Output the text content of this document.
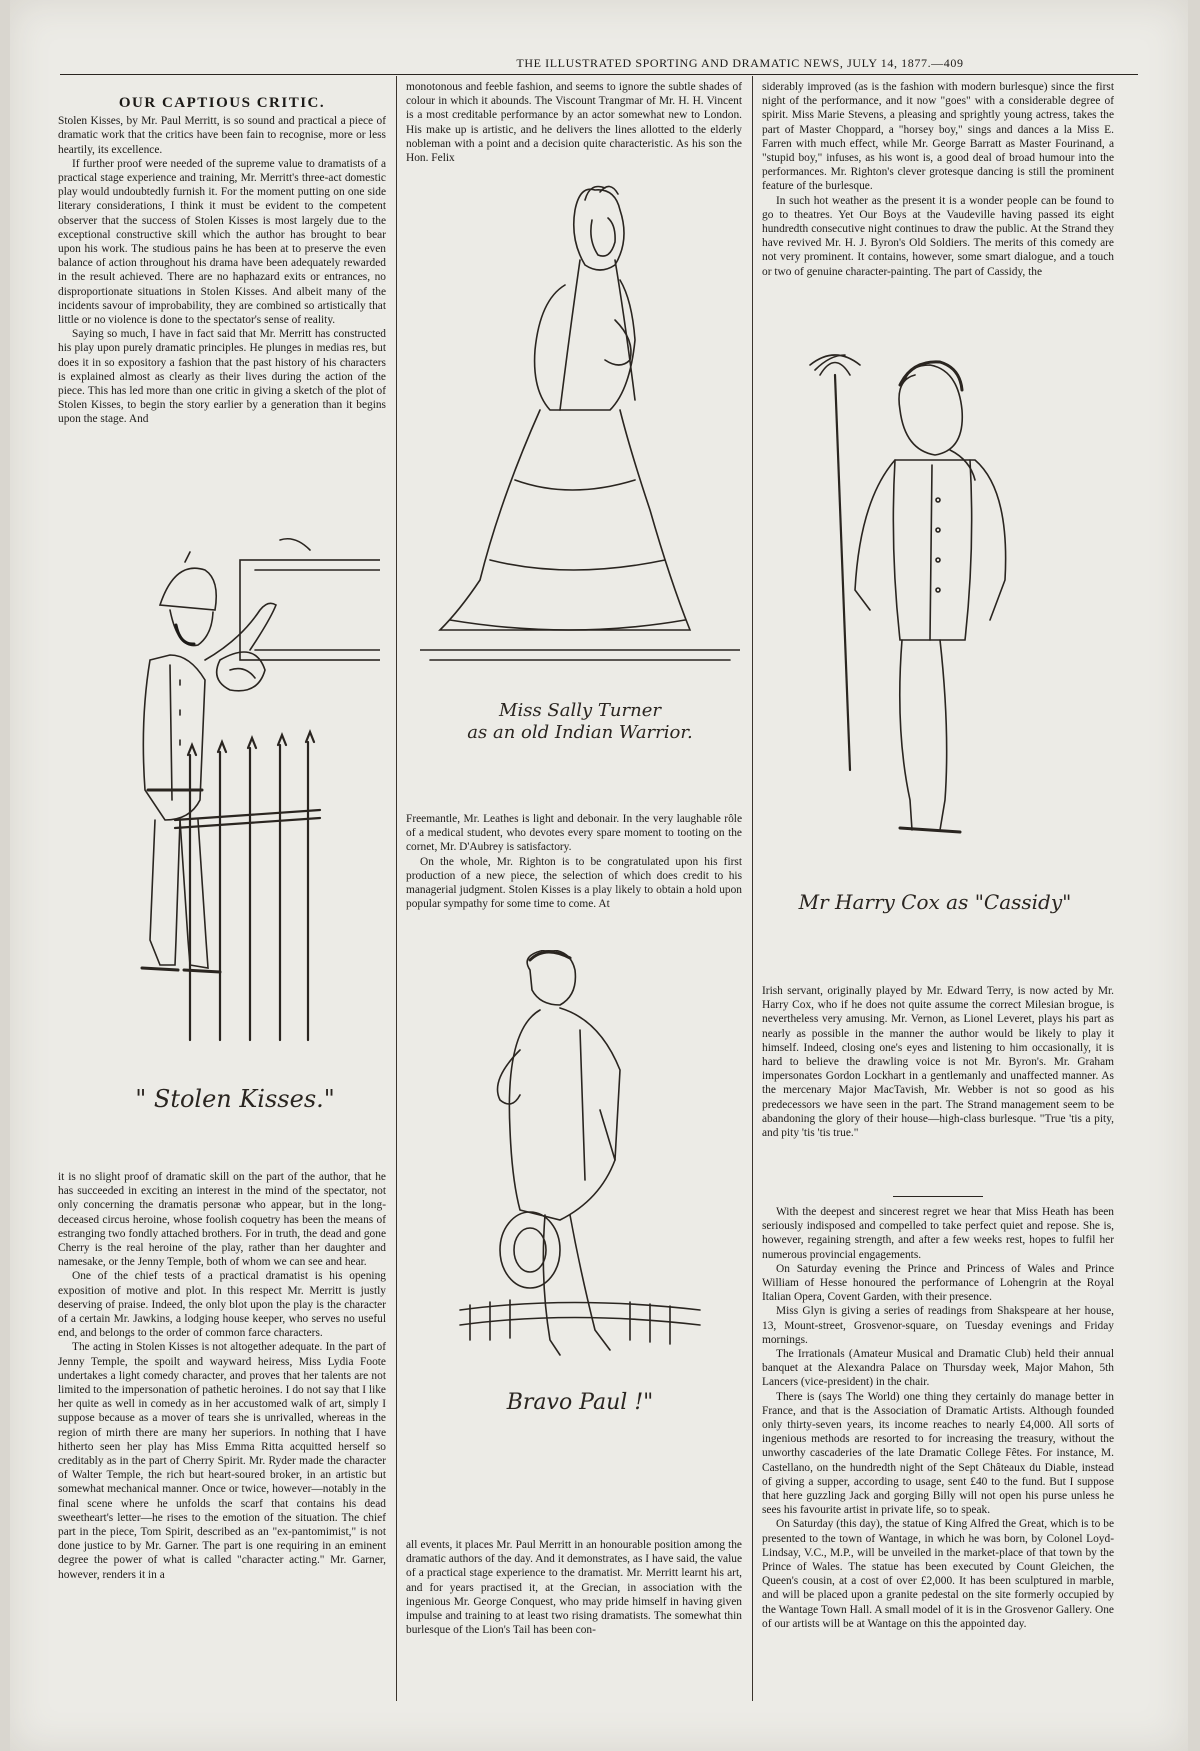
THE ILLUSTRATED SPORTING AND DRAMATIC NEWS, JULY 14, 1877.—409
OUR CAPTIOUS CRITIC.

Stolen Kisses, by Mr. Paul Merritt, is so sound and practical a piece of dramatic work that the critics have been fain to recognise, more or less heartily, its excellence.

If further proof were needed of the supreme value to dramatists of a practical stage experience and training, Mr. Merritt's three-act domestic play would undoubtedly furnish it. For the moment putting on one side literary considerations, I think it must be evident to the competent observer that the success of Stolen Kisses is most largely due to the exceptional constructive skill which the author has brought to bear upon his work. The studious pains he has been at to preserve the even balance of action throughout his drama have been adequately rewarded in the result achieved. There are no haphazard exits or entrances, no disproportionate situations in Stolen Kisses. And albeit many of the incidents savour of improbability, they are combined so artistically that little or no violence is done to the spectator's sense of reality.

Saying so much, I have in fact said that Mr. Merritt has constructed his play upon purely dramatic principles. He plunges in medias res, but does it in so expository a fashion that the past history of his characters is explained almost as clearly as their lives during the action of the piece. This has led more than one critic in giving a sketch of the plot of Stolen Kisses, to begin the story earlier by a generation than it begins upon the stage. And

" Stolen Kisses."

it is no slight proof of dramatic skill on the part of the author, that he has succeeded in exciting an interest in the mind of the spectator, not only concerning the dramatis personæ who appear, but in the long-deceased circus heroine, whose foolish coquetry has been the means of estranging two fondly attached brothers. For in truth, the dead and gone Cherry is the real heroine of the play, rather than her daughter and namesake, or the Jenny Temple, both of whom we can see and hear.

One of the chief tests of a practical dramatist is his opening exposition of motive and plot. In this respect Mr. Merritt is justly deserving of praise. Indeed, the only blot upon the play is the character of a certain Mr. Jawkins, a lodging house keeper, who serves no useful end, and belongs to the order of common farce characters.

The acting in Stolen Kisses is not altogether adequate. In the part of Jenny Temple, the spoilt and wayward heiress, Miss Lydia Foote undertakes a light comedy character, and proves that her talents are not limited to the impersonation of pathetic heroines. I do not say that I like her quite as well in comedy as in her accustomed walk of art, simply I suppose because as a mover of tears she is unrivalled, whereas in the region of mirth there are many her superiors. In nothing that I have hitherto seen her play has Miss Emma Ritta acquitted herself so creditably as in the part of Cherry Spirit. Mr. Ryder made the character of Walter Temple, the rich but heart-soured broker, in an artistic but somewhat mechanical manner. Once or twice, however—notably in the final scene where he unfolds the scarf that contains his dead sweetheart's letter—he rises to the emotion of the situation. The chief part in the piece, Tom Spirit, described as an "ex-pantomimist," is not done justice to by Mr. Garner. The part is one requiring in an eminent degree the power of what is called "character acting." Mr. Garner, however, renders it in a

monotonous and feeble fashion, and seems to ignore the subtle shades of colour in which it abounds. The Viscount Trangmar of Mr. H. H. Vincent is a most creditable performance by an actor somewhat new to London. His make up is artistic, and he delivers the lines allotted to the elderly nobleman with a point and a decision quite characteristic. As his son the Hon. Felix

Miss Sally Turner
as an old Indian Warrior.

Freemantle, Mr. Leathes is light and debonair. In the very laughable rôle of a medical student, who devotes every spare moment to tooting on the cornet, Mr. D'Aubrey is satisfactory.

On the whole, Mr. Righton is to be congratulated upon his first production of a new piece, the selection of which does credit to his managerial judgment. Stolen Kisses is a play likely to obtain a hold upon popular sympathy for some time to come. At

Bravo Paul !"

all events, it places Mr. Paul Merritt in an honourable position among the dramatic authors of the day. And it demonstrates, as I have said, the value of a practical stage experience to the dramatist. Mr. Merritt learnt his art, and for years practised it, at the Grecian, in association with the ingenious Mr. George Conquest, who may pride himself in having given impulse and training to at least two rising dramatists. The somewhat thin burlesque of the Lion's Tail has been con-

siderably improved (as is the fashion with modern burlesque) since the first night of the performance, and it now "goes" with a considerable degree of spirit. Miss Marie Stevens, a pleasing and sprightly young actress, takes the part of Master Choppard, a "horsey boy," sings and dances a la Miss E. Farren with much effect, while Mr. George Barratt as Master Fourinand, a "stupid boy," infuses, as his wont is, a good deal of broad humour into the performances. Mr. Righton's clever grotesque dancing is still the prominent feature of the burlesque.

In such hot weather as the present it is a wonder people can be found to go to theatres. Yet Our Boys at the Vaudeville having passed its eight hundredth consecutive night continues to draw the public. At the Strand they have revived Mr. H. J. Byron's Old Soldiers. The merits of this comedy are not very prominent. It contains, however, some smart dialogue, and a touch or two of genuine character-painting. The part of Cassidy, the

Mr Harry Cox as "Cassidy"

Irish servant, originally played by Mr. Edward Terry, is now acted by Mr. Harry Cox, who if he does not quite assume the correct Milesian brogue, is nevertheless very amusing. Mr. Vernon, as Lionel Leveret, plays his part as nearly as possible in the manner the author would be likely to play it himself. Indeed, closing one's eyes and listening to him occasionally, it is hard to believe the drawling voice is not Mr. Byron's. Mr. Graham impersonates Gordon Lockhart in a gentlemanly and unaffected manner. As the mercenary Major MacTavish, Mr. Webber is not so good as his predecessors we have seen in the part. The Strand management seem to be abandoning the glory of their house—high-class burlesque. "True 'tis a pity, and pity 'tis 'tis true."

With the deepest and sincerest regret we hear that Miss Heath has been seriously indisposed and compelled to take perfect quiet and repose. She is, however, regaining strength, and after a few weeks rest, hopes to fulfil her numerous provincial engagements.

On Saturday evening the Prince and Princess of Wales and Prince William of Hesse honoured the performance of Lohengrin at the Royal Italian Opera, Covent Garden, with their presence.

Miss Glyn is giving a series of readings from Shakspeare at her house, 13, Mount-street, Grosvenor-square, on Tuesday evenings and Friday mornings.

The Irrationals (Amateur Musical and Dramatic Club) held their annual banquet at the Alexandra Palace on Thursday week, Major Mahon, 5th Lancers (vice-president) in the chair.

There is (says The World) one thing they certainly do manage better in France, and that is the Association of Dramatic Artists. Although founded only thirty-seven years, its income reaches to nearly £4,000. All sorts of ingenious methods are resorted to for increasing the treasury, without the unworthy cascaderies of the late Dramatic College Fêtes. For instance, M. Castellano, on the hundredth night of the Sept Châteaux du Diable, instead of giving a supper, according to usage, sent £40 to the fund. But I suppose that here guzzling Jack and gorging Billy will not open his purse unless he sees his favourite artist in private life, so to speak.

On Saturday (this day), the statue of King Alfred the Great, which is to be presented to the town of Wantage, in which he was born, by Colonel Loyd-Lindsay, V.C., M.P., will be unveiled in the market-place of that town by the Prince of Wales. The statue has been executed by Count Gleichen, the Queen's cousin, at a cost of over £2,000. It has been sculptured in marble, and will be placed upon a granite pedestal on the site formerly occupied by the Wantage Town Hall. A small model of it is in the Grosvenor Gallery. One of our artists will be at Wantage on this the appointed day.
